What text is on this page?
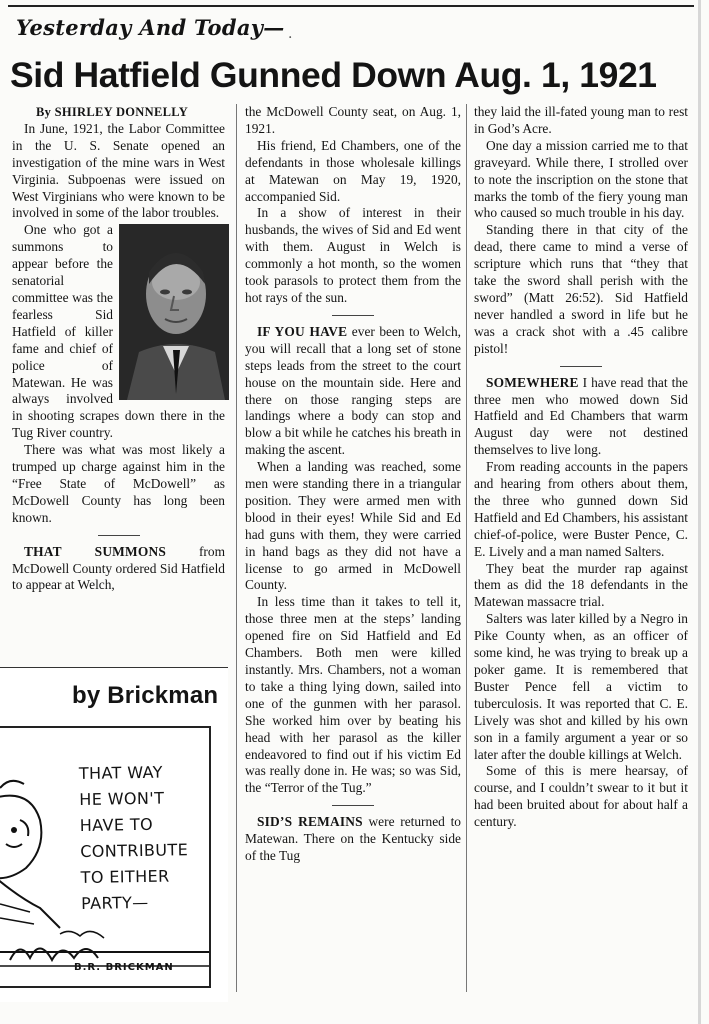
Yesterday And Today— ·
Sid Hatfield Gunned Down Aug. 1, 1921

By SHIRLEY DONNELLY

In June, 1921, the Labor Committee in the U. S. Senate opened an investigation of the mine wars in West Virginia. Subpoenas were issued on West Virginians who were known to be involved in some of the labor troubles.

One who got a summons to appear before the senatorial committee was the fearless Sid Hatfield of killer fame and chief of police of Matewan. He was always involved in shooting scrapes down there in the Tug River country.

There was what was most likely a trumped up charge against him in the “Free State of McDowell” as McDowell County has long been known.

THAT SUMMONS from McDowell County ordered Sid Hatfield to appear at Welch,

the McDowell County seat, on Aug. 1, 1921.

His friend, Ed Chambers, one of the defendants in those wholesale killings at Matewan on May 19, 1920, accompanied Sid.

In a show of interest in their husbands, the wives of Sid and Ed went with them. August in Welch is commonly a hot month, so the women took parasols to protect them from the hot rays of the sun.

IF YOU HAVE ever been to Welch, you will recall that a long set of stone steps leads from the street to the court house on the mountain side. Here and there on those ranging steps are landings where a body can stop and blow a bit while he catches his breath in making the ascent.

When a landing was reached, some men were standing there in a triangular position. They were armed men with blood in their eyes! While Sid and Ed had guns with them, they were carried in hand bags as they did not have a license to go armed in McDowell County.

In less time than it takes to tell it, those three men at the steps’ landing opened fire on Sid Hatfield and Ed Chambers. Both men were killed instantly. Mrs. Chambers, not a woman to take a thing lying down, sailed into one of the gunmen with her parasol. She worked him over by beating his head with her parasol as the killer endeavored to find out if his victim Ed was really done in. He was; so was Sid, the “Terror of the Tug.”

SID’S REMAINS were returned to Matewan. There on the Kentucky side of the Tug

they laid the ill-fated young man to rest in God’s Acre.

One day a mission carried me to that graveyard. While there, I strolled over to note the inscription on the stone that marks the tomb of the fiery young man who caused so much trouble in his day.

Standing there in that city of the dead, there came to mind a verse of scripture which runs that “they that take the sword shall perish with the sword” (Matt 26:52). Sid Hatfield never handled a sword in life but he was a crack shot with a .45 calibre pistol!

SOMEWHERE I have read that the three men who mowed down Sid Hatfield and Ed Chambers that warm August day were not destined themselves to live long.

From reading accounts in the papers and hearing from others about them, the three who gunned down Sid Hatfield and Ed Chambers, his assistant chief-of-police, were Buster Pence, C. E. Lively and a man named Salters.

They beat the murder rap against them as did the 18 defendants in the Matewan massacre trial.

Salters was later killed by a Negro in Pike County when, as an officer of some kind, he was trying to break up a poker game. It is remembered that Buster Pence fell a victim to tuberculosis. It was reported that C. E. Lively was shot and killed by his own son in a family argument a year or so later after the double killings at Welch.

Some of this is mere hearsay, of course, and I couldn’t swear to it but it had been bruited about for about half a century.

by Brickman
THAT WAY
HE WON'T
HAVE TO
CONTRIBUTE
TO EITHER
PARTY—
B.R. BRICKMAN
